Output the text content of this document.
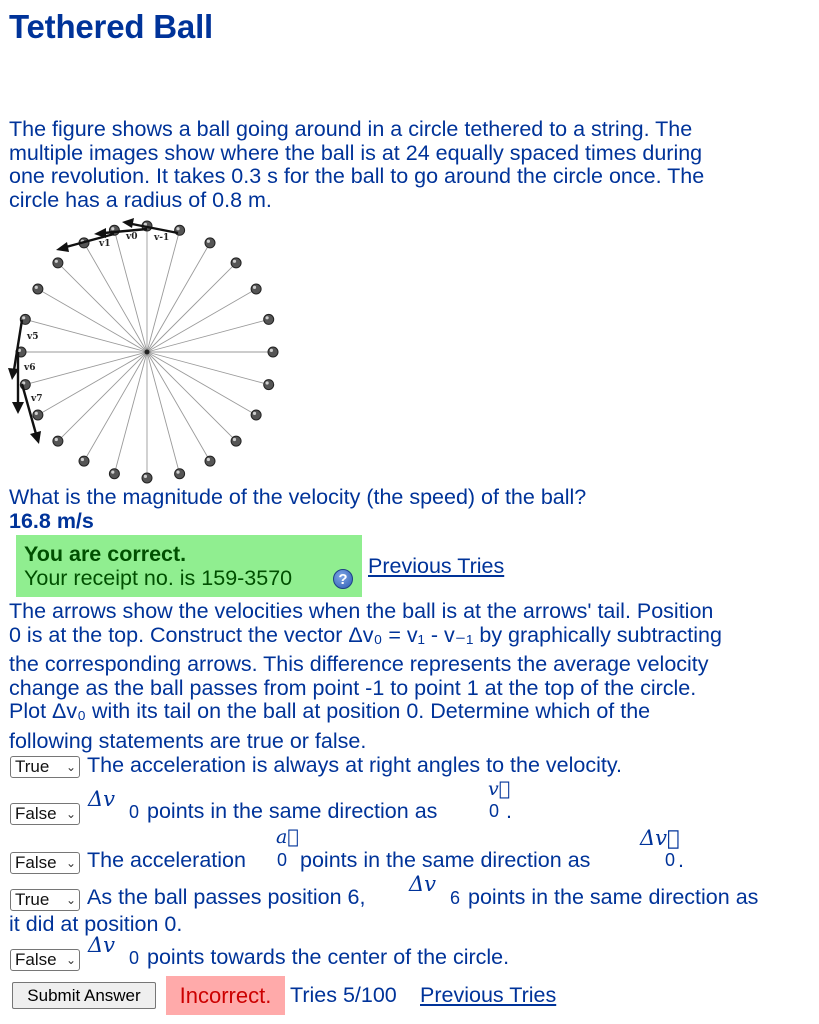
Tethered Ball
The figure shows a ball going around in a circle tethered to a string. The
multiple images show where the ball is at 24 equally spaced times during
one revolution. It takes 0.3 s for the ball to go around the circle once. The
circle has a radius of 0.8 m.
v1
v0 v-1
v5
v6
v7
What is the magnitude of the velocity (the speed) of the ball?
16.8 m/s
You are correct.
Your receipt no. is 159-3570	?
Previous Tries
The arrows show the velocities when the ball is at the arrows' tail. Position
0 is at the top. Construct the vector Δv₀ = v₁ - v₋₁ by graphically subtracting
the corresponding arrows. This difference represents the average velocity
change as the ball passes from point -1 to point 1 at the top of the circle.
Plot Δv₀ with its tail on the ball at position 0. Determine which of the
following statements are true or false.
True ⌄ The acceleration is always at right angles to the velocity.
False ⌄
Δv
0 points in the same direction as
v⃗
0 .
False ⌄ The acceleration
a⃗
0 points in the same direction as
Δv⃗
0 .
True ⌄ As the ball passes position 6,
Δv
6 points in the same direction as
it did at position 0.
False ⌄
Δv
0 points towards the center of the circle.
Submit Answer	Incorrect. Tries 5/100 Previous Tries
